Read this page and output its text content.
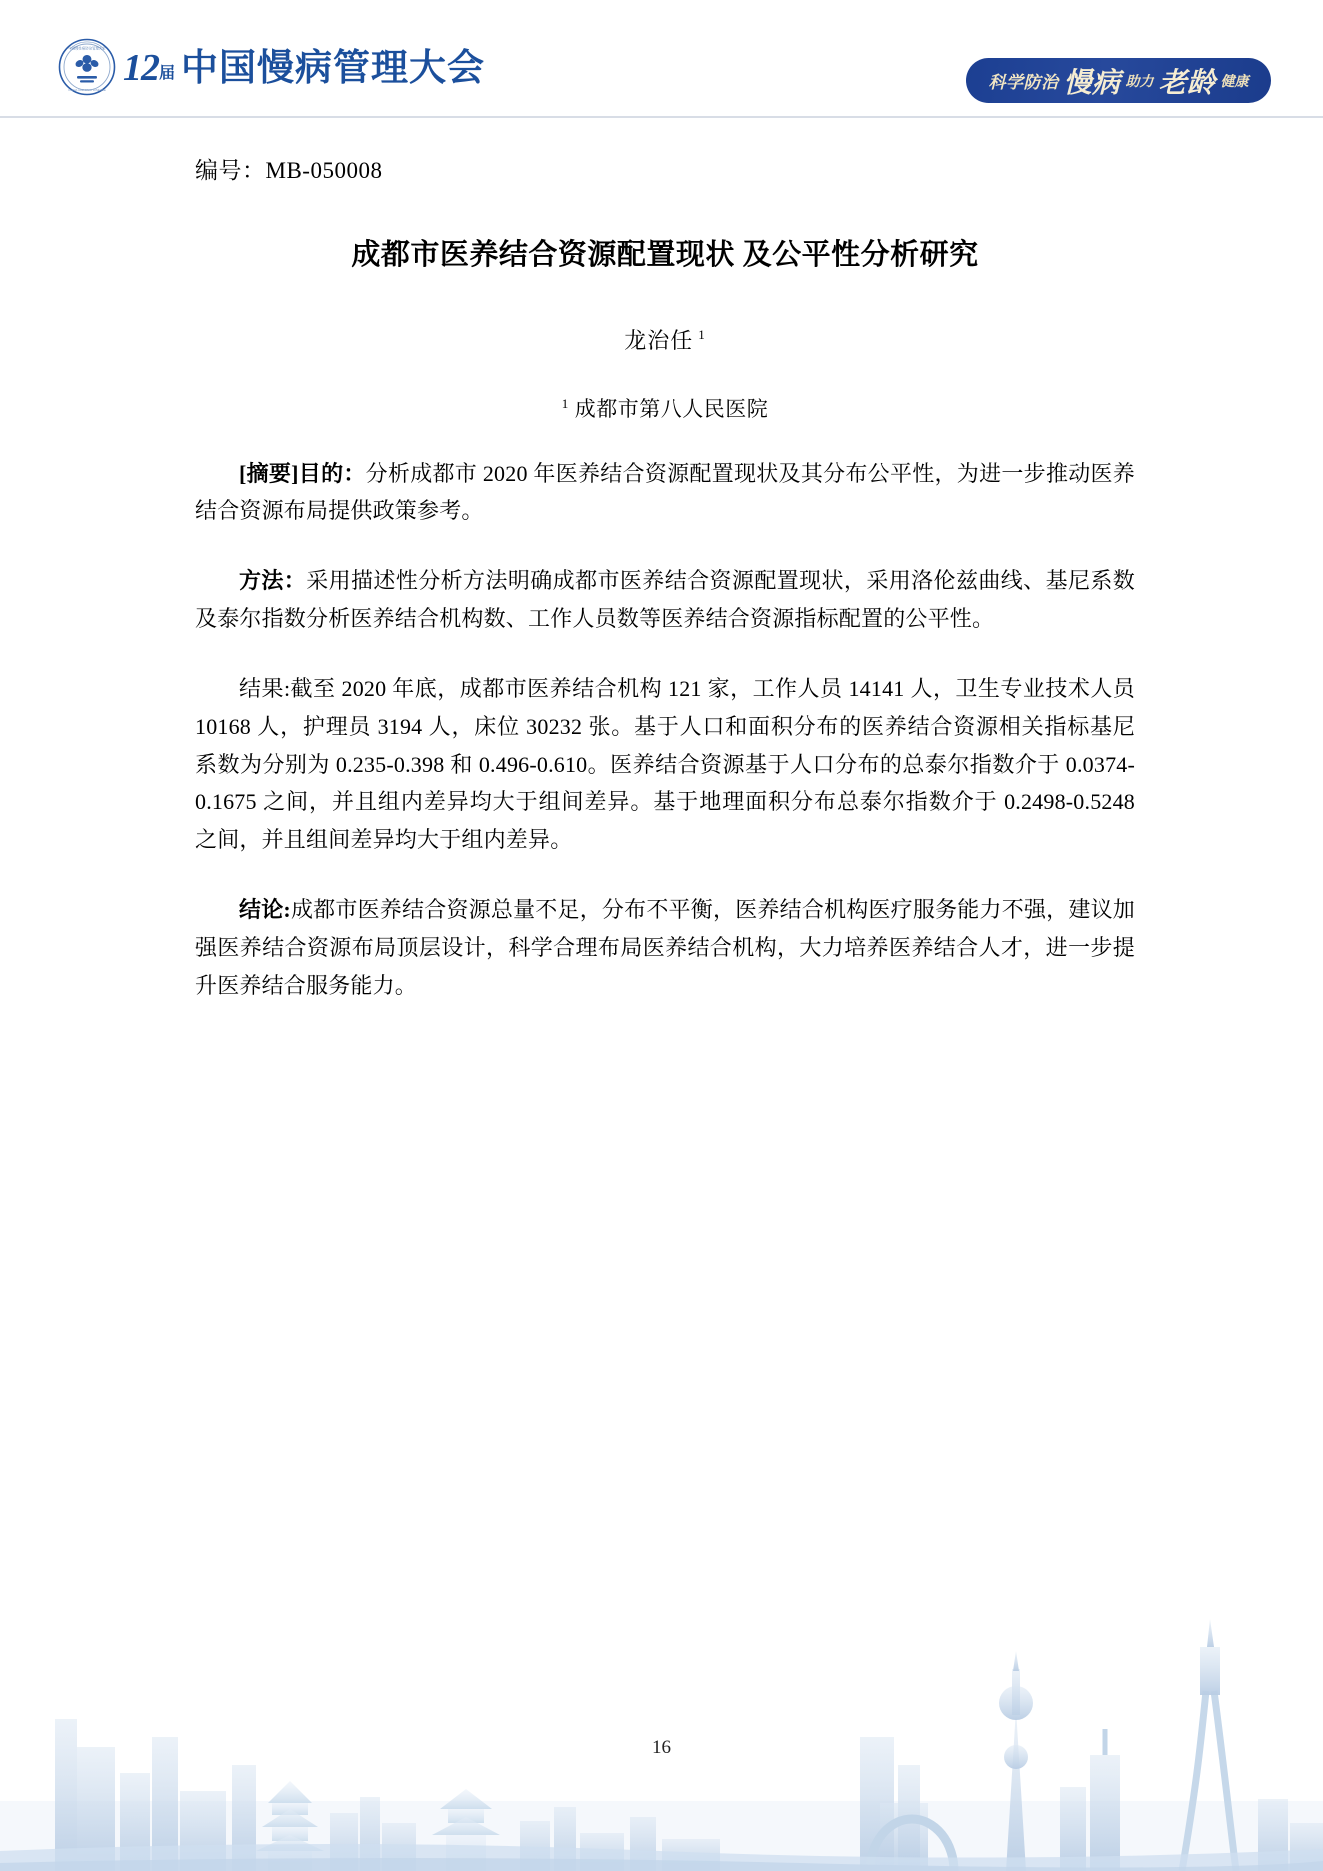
中国慢性病防治管理大会
CHINA CHRONIC DISEASE
12届 中国慢病管理大会	科学防治 慢病 助力 老龄 健康
编号：MB-050008
成都市医养结合资源配置现状 及公平性分析研究
龙治任 $^1$
$^1$ 成都市第八人民医院

[摘要]目的：分析成都市 2020 年医养结合资源配置现状及其分布公平性，为进一步推动医养结合资源布局提供政策参考。

方法：采用描述性分析方法明确成都市医养结合资源配置现状，采用洛伦兹曲线、基尼系数及泰尔指数分析医养结合机构数、工作人员数等医养结合资源指标配置的公平性。

结果:截至 2020 年底，成都市医养结合机构 121 家，工作人员 14141 人，卫生专业技术人员 10168 人，护理员 3194 人，床位 30232 张。基于人口和面积分布的医养结合资源相关指标基尼系数为分别为 0.235-0.398 和 0.496-0.610。医养结合资源基于人口分布的总泰尔指数介于 0.0374-0.1675 之间，并且组内差异均大于组间差异。基于地理面积分布总泰尔指数介于 0.2498-0.5248 之间，并且组间差异均大于组内差异。

结论:成都市医养结合资源总量不足，分布不平衡，医养结合机构医疗服务能力不强，建议加强医养结合资源布局顶层设计，科学合理布局医养结合机构，大力培养医养结合人才，进一步提升医养结合服务能力。

16
